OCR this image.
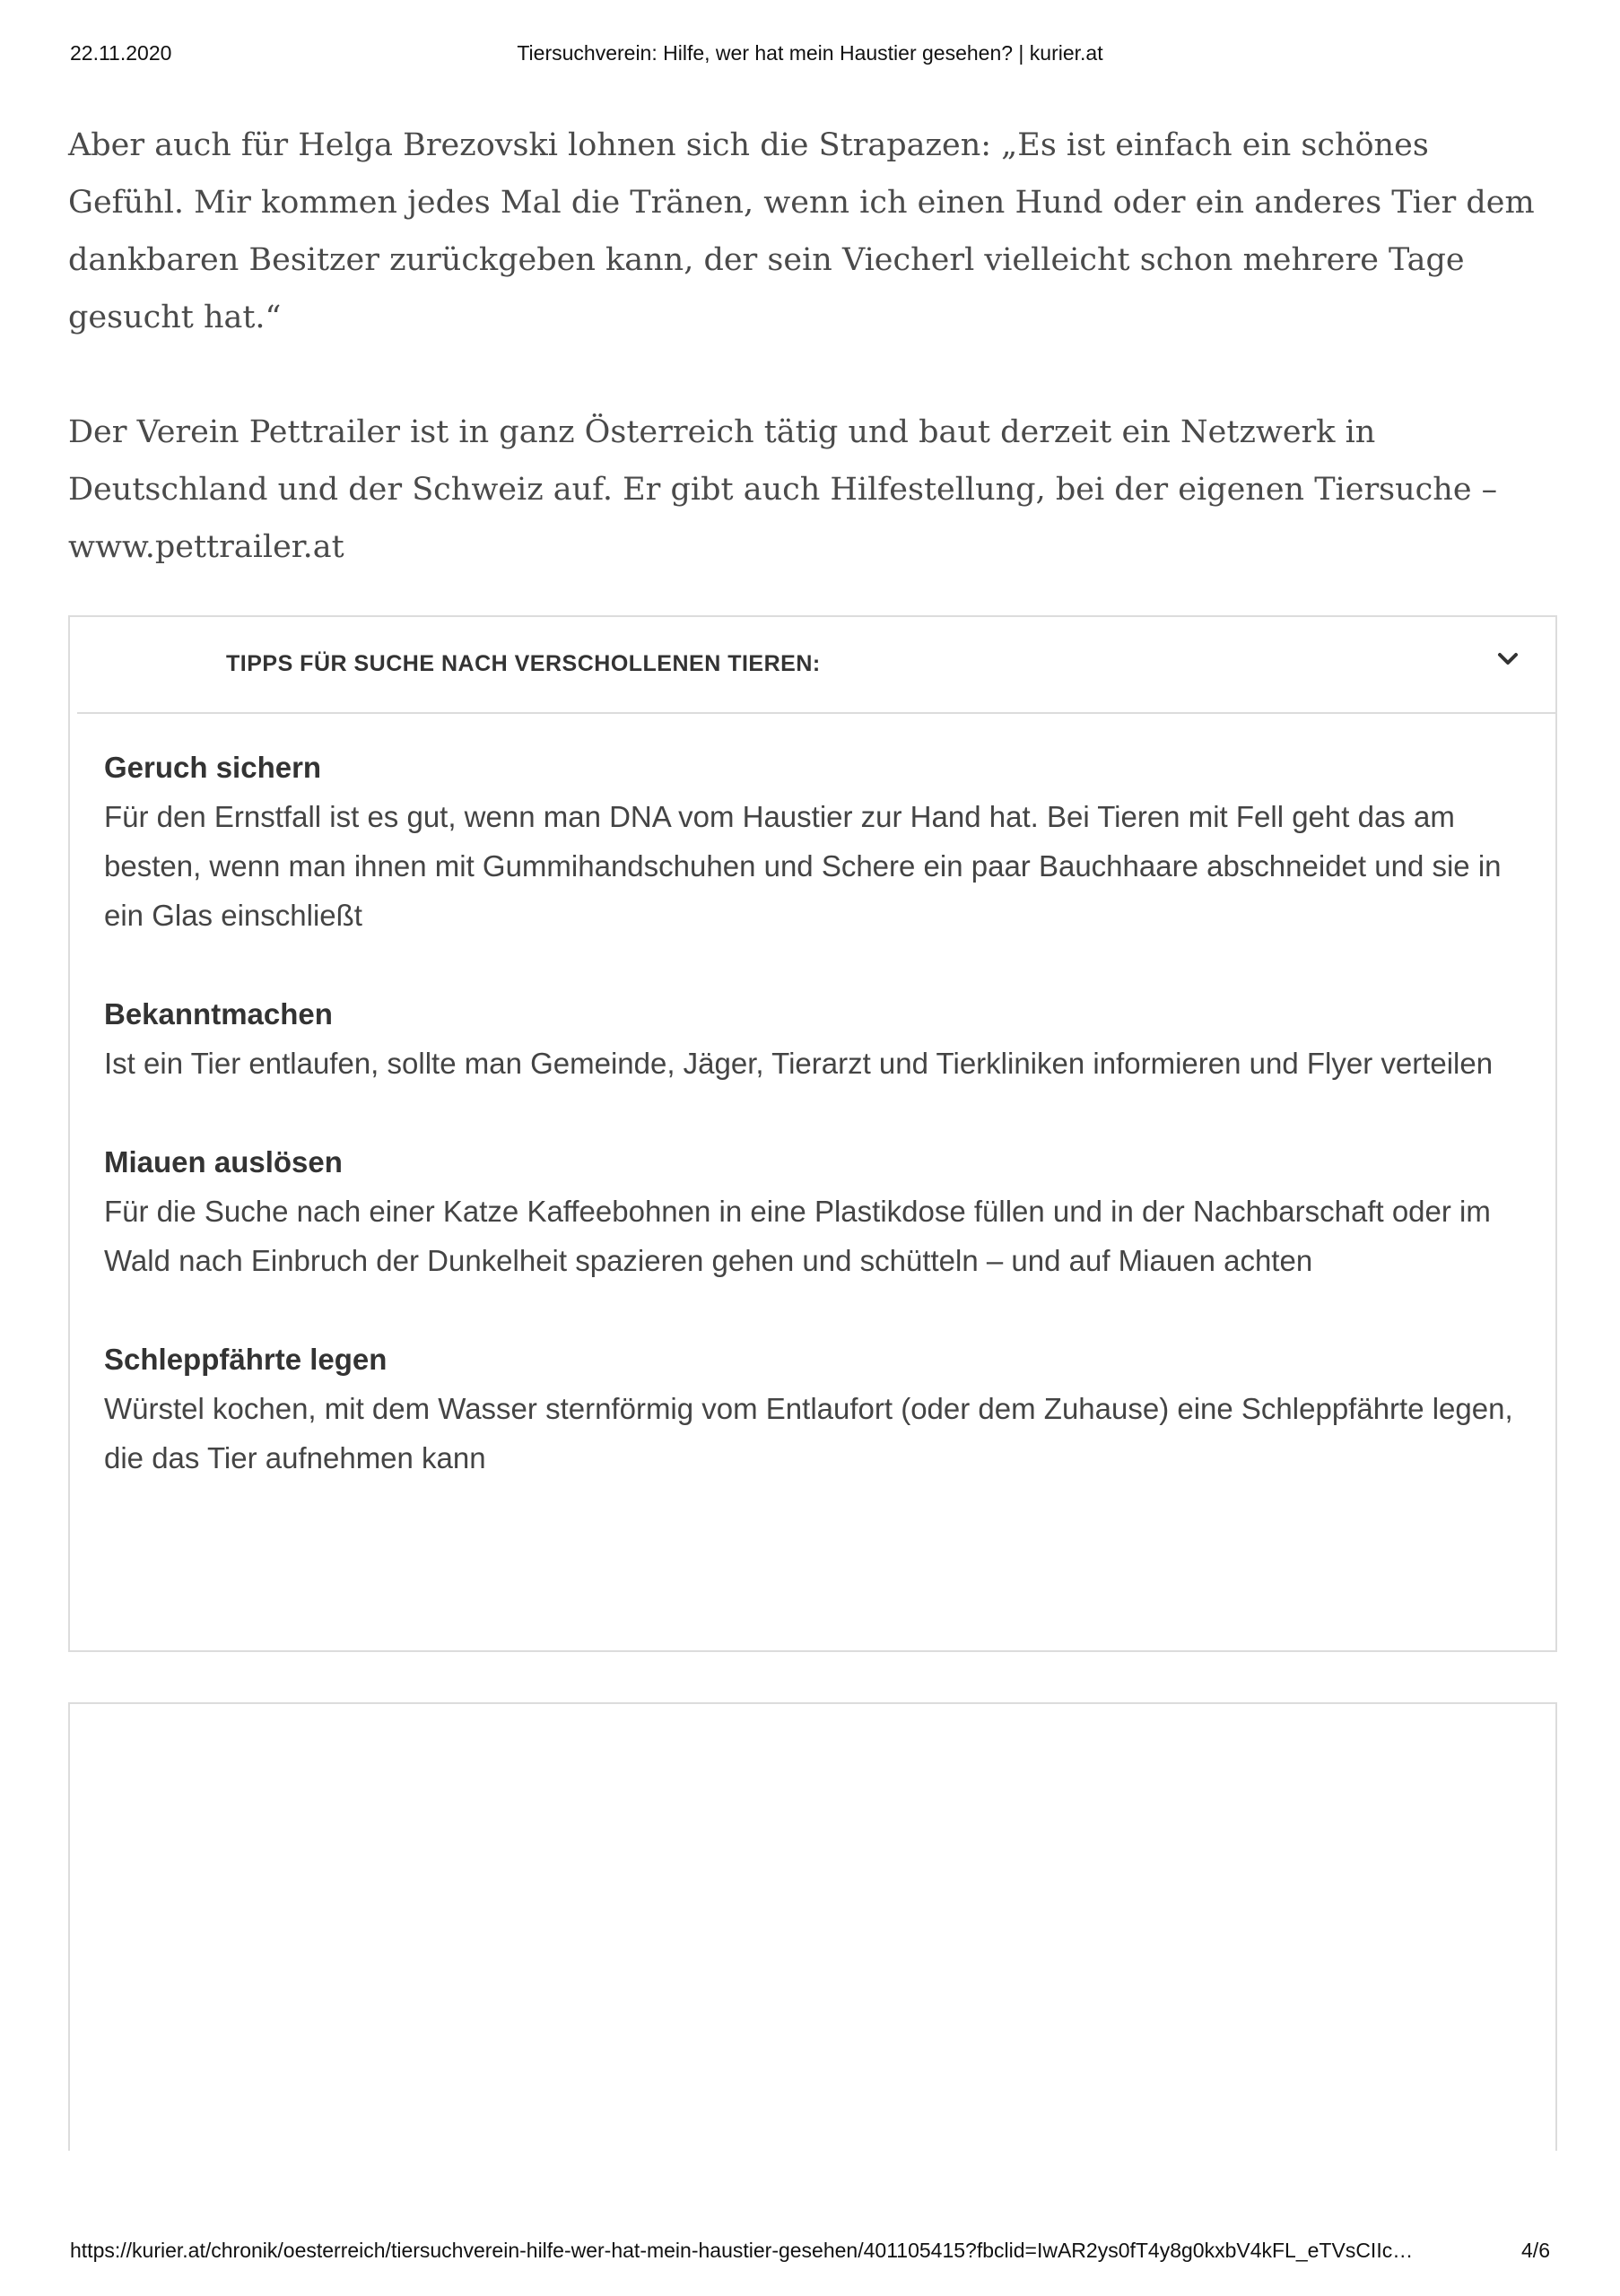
22.11.2020	Tiersuchverein: Hilfe, wer hat mein Haustier gesehen? | kurier.at

Aber auch für Helga Brezovski lohnen sich die Strapazen: „Es ist einfach ein schönes
Gefühl. Mir kommen jedes Mal die Tränen, wenn ich einen Hund oder ein anderes Tier dem
dankbaren Besitzer zurückgeben kann, der sein Viecherl vielleicht schon mehrere Tage
gesucht hat.“

Der Verein Pettrailer ist in ganz Österreich tätig und baut derzeit ein Netzwerk in
Deutschland und der Schweiz auf. Er gibt auch Hilfestellung, bei der eigenen Tiersuche –
www.pettrailer.at

TIPPS FÜR SUCHE NACH VERSCHOLLENEN TIEREN:
Geruch sichern
Für den Ernstfall ist es gut, wenn man DNA vom Haustier zur Hand hat. Bei Tieren mit Fell geht das am besten, wenn man ihnen mit Gummihandschuhen und Schere ein paar Bauchhaare abschneidet und sie in ein Glas einschließt
Bekanntmachen
Ist ein Tier entlaufen, sollte man Gemeinde, Jäger, Tierarzt und Tierkliniken informieren und Flyer verteilen
Miauen auslösen
Für die Suche nach einer Katze Kaffeebohnen in eine Plastikdose füllen und in der Nachbarschaft oder im Wald nach Einbruch der Dunkelheit spazieren gehen und schütteln – und auf Miauen achten
Schleppfährte legen
Würstel kochen, mit dem Wasser sternförmig vom Entlaufort (oder dem Zuhause) eine Schleppfährte legen, die das Tier aufnehmen kann
https://kurier.at/chronik/oesterreich/tiersuchverein-hilfe-wer-hat-mein-haustier-gesehen/401105415?fbclid=IwAR2ys0fT4y8g0kxbV4kFL_eTVsCIIc…	4/6
